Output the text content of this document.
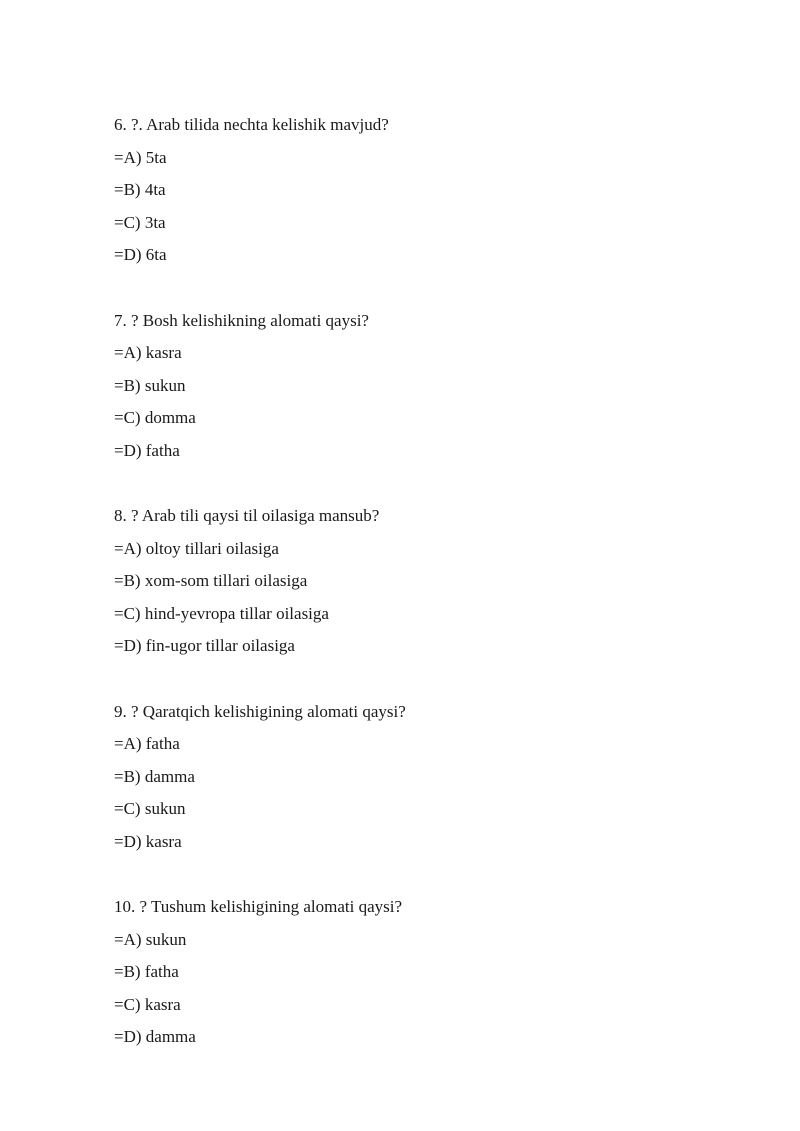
6. ?. Arab tilida nechta kelishik mavjud?
=A) 5ta
=B) 4ta
=C) 3ta
=D) 6ta
7. ? Bosh kelishikning alomati qaysi?
=A) kasra
=B) sukun
=C) domma
=D) fatha
8. ? Arab tili qaysi til oilasiga mansub?
=A) oltoy tillari oilasiga
=B) xom-som tillari oilasiga
=C) hind-yevropa tillar oilasiga
=D) fin-ugor tillar oilasiga
9. ? Qaratqich kelishigining alomati qaysi?
=A) fatha
=B) damma
=C) sukun
=D) kasra
10. ? Tushum kelishigining alomati qaysi?
=A) sukun
=B) fatha
=C) kasra
=D) damma
